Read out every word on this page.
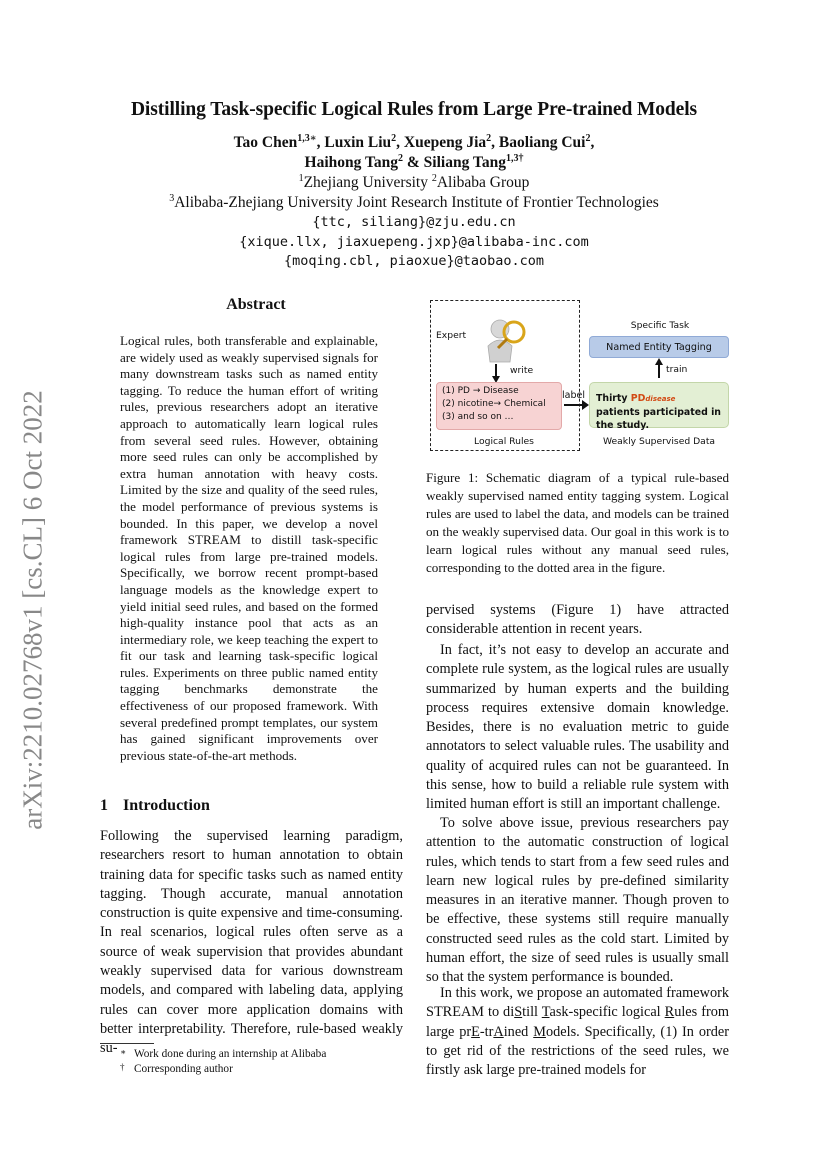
arXiv:2210.02768v1 [cs.CL] 6 Oct 2022
Distilling Task-specific Logical Rules from Large Pre-trained Models
Tao Chen$^{1,3∗}$, Luxin Liu$^2$, Xuepeng Jia$^2$, Baoliang Cui$^2$,
Haihong Tang$^2$ & Siliang Tang$^{1,3\dagger}$
$^1$Zhejiang University $^2$Alibaba Group
$^3$Alibaba-Zhejiang University Joint Research Institute of Frontier Technologies
{ttc, siliang}@zju.edu.cn
{xique.llx, jiaxuepeng.jxp}@alibaba-inc.com
{moqing.cbl, piaoxue}@taobao.com
Abstract
Logical rules, both transferable and explainable, are widely used as weakly supervised signals for many downstream tasks such as named entity tagging. To reduce the human effort of writing rules, previous researchers adopt an iterative approach to automatically learn logical rules from several seed rules. However, obtaining more seed rules can only be accomplished by extra human annotation with heavy costs. Limited by the size and quality of the seed rules, the model performance of previous systems is bounded. In this paper, we develop a novel framework STREAM to distill task-specific logical rules from large pre-trained models. Specifically, we borrow recent prompt-based language models as the knowledge expert to yield initial seed rules, and based on the formed high-quality instance pool that acts as an intermediary role, we keep teaching the expert to fit our task and learning task-specific logical rules. Experiments on three public named entity tagging benchmarks demonstrate the effectiveness of our proposed framework. With several predefined prompt templates, our system has gained significant improvements over previous state-of-the-art methods.
1 Introduction
Following the supervised learning paradigm, researchers resort to human annotation to obtain training data for specific tasks such as named entity tagging. Though accurate, manual annotation construction is quite expensive and time-consuming. In real scenarios, logical rules often serve as a source of weak supervision that provides abundant weakly supervised data for various downstream models, and compared with labeling data, applying rules can cover more application domains with better interpretability. Therefore, rule-based weakly su- ∗ Work done during an internship at Alibaba
† Corresponding author
Expert
write
(1) PD → Disease
(2) nicotine→ Chemical
(3) and so on …
Logical Rules
label
Specific Task
Named Entity Tagging
train
Thirty PDdisease patients participated in the study.
Weakly Supervised Data
Figure 1: Schematic diagram of a typical rule-based weakly supervised named entity tagging system. Logical rules are used to label the data, and models can be trained on the weakly supervised data. Our goal in this work is to learn logical rules without any manual seed rules, corresponding to the dotted area in the figure.
pervised systems (Figure 1) have attracted considerable attention in recent years.
In fact, it’s not easy to develop an accurate and complete rule system, as the logical rules are usually summarized by human experts and the building process requires extensive domain knowledge. Besides, there is no evaluation metric to guide annotators to select valuable rules. The usability and quality of acquired rules can not be guaranteed. In this sense, how to build a reliable rule system with limited human effort is still an important challenge.
To solve above issue, previous researchers pay attention to the automatic construction of logical rules, which tends to start from a few seed rules and learn new logical rules by pre-defined similarity measures in an iterative manner. Though proven to be effective, these systems still require manually constructed seed rules as the cold start. Limited by human effort, the size of seed rules is usually small so that the system performance is bounded.
In this work, we propose an automated framework STREAM to diStill Task-specific logical Rules from large prE-trAined Models. Specifically, (1) In order to get rid of the restrictions of the seed rules, we firstly ask large pre-trained models for
